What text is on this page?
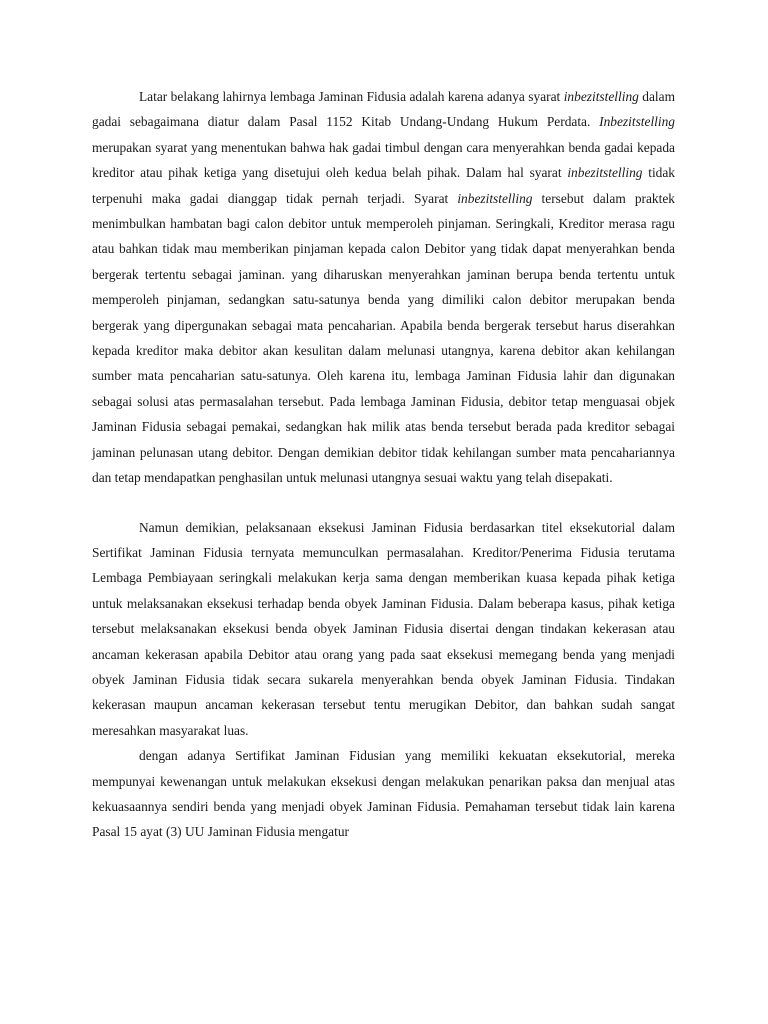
Latar belakang lahirnya lembaga Jaminan Fidusia adalah karena adanya syarat inbezitstelling dalam gadai sebagaimana diatur dalam Pasal 1152 Kitab Undang-Undang Hukum Perdata. Inbezitstelling merupakan syarat yang menentukan bahwa hak gadai timbul dengan cara menyerahkan benda gadai kepada kreditor atau pihak ketiga yang disetujui oleh kedua belah pihak. Dalam hal syarat inbezitstelling tidak terpenuhi maka gadai dianggap tidak pernah terjadi. Syarat inbezitstelling tersebut dalam praktek menimbulkan hambatan bagi calon debitor untuk memperoleh pinjaman. Seringkali, Kreditor merasa ragu atau bahkan tidak mau memberikan pinjaman kepada calon Debitor yang tidak dapat menyerahkan benda bergerak tertentu sebagai jaminan. yang diharuskan menyerahkan jaminan berupa benda tertentu untuk memperoleh pinjaman, sedangkan satu-satunya benda yang dimiliki calon debitor merupakan benda bergerak yang dipergunakan sebagai mata pencaharian. Apabila benda bergerak tersebut harus diserahkan kepada kreditor maka debitor akan kesulitan dalam melunasi utangnya, karena debitor akan kehilangan sumber mata pencaharian satu-satunya. Oleh karena itu, lembaga Jaminan Fidusia lahir dan digunakan sebagai solusi atas permasalahan tersebut. Pada lembaga Jaminan Fidusia, debitor tetap menguasai objek Jaminan Fidusia sebagai pemakai, sedangkan hak milik atas benda tersebut berada pada kreditor sebagai jaminan pelunasan utang debitor. Dengan demikian debitor tidak kehilangan sumber mata pencahariannya dan tetap mendapatkan penghasilan untuk melunasi utangnya sesuai waktu yang telah disepakati.

Namun demikian, pelaksanaan eksekusi Jaminan Fidusia berdasarkan titel eksekutorial dalam Sertifikat Jaminan Fidusia ternyata memunculkan permasalahan. Kreditor/Penerima Fidusia terutama Lembaga Pembiayaan seringkali melakukan kerja sama dengan memberikan kuasa kepada pihak ketiga untuk melaksanakan eksekusi terhadap benda obyek Jaminan Fidusia. Dalam beberapa kasus, pihak ketiga tersebut melaksanakan eksekusi benda obyek Jaminan Fidusia disertai dengan tindakan kekerasan atau ancaman kekerasan apabila Debitor atau orang yang pada saat eksekusi memegang benda yang menjadi obyek Jaminan Fidusia tidak secara sukarela menyerahkan benda obyek Jaminan Fidusia. Tindakan kekerasan maupun ancaman kekerasan tersebut tentu merugikan Debitor, dan bahkan sudah sangat meresahkan masyarakat luas.

dengan adanya Sertifikat Jaminan Fidusian yang memiliki kekuatan eksekutorial, mereka mempunyai kewenangan untuk melakukan eksekusi dengan melakukan penarikan paksa dan menjual atas kekuasaannya sendiri benda yang menjadi obyek Jaminan Fidusia. Pemahaman tersebut tidak lain karena Pasal 15 ayat (3) UU Jaminan Fidusia mengatur
